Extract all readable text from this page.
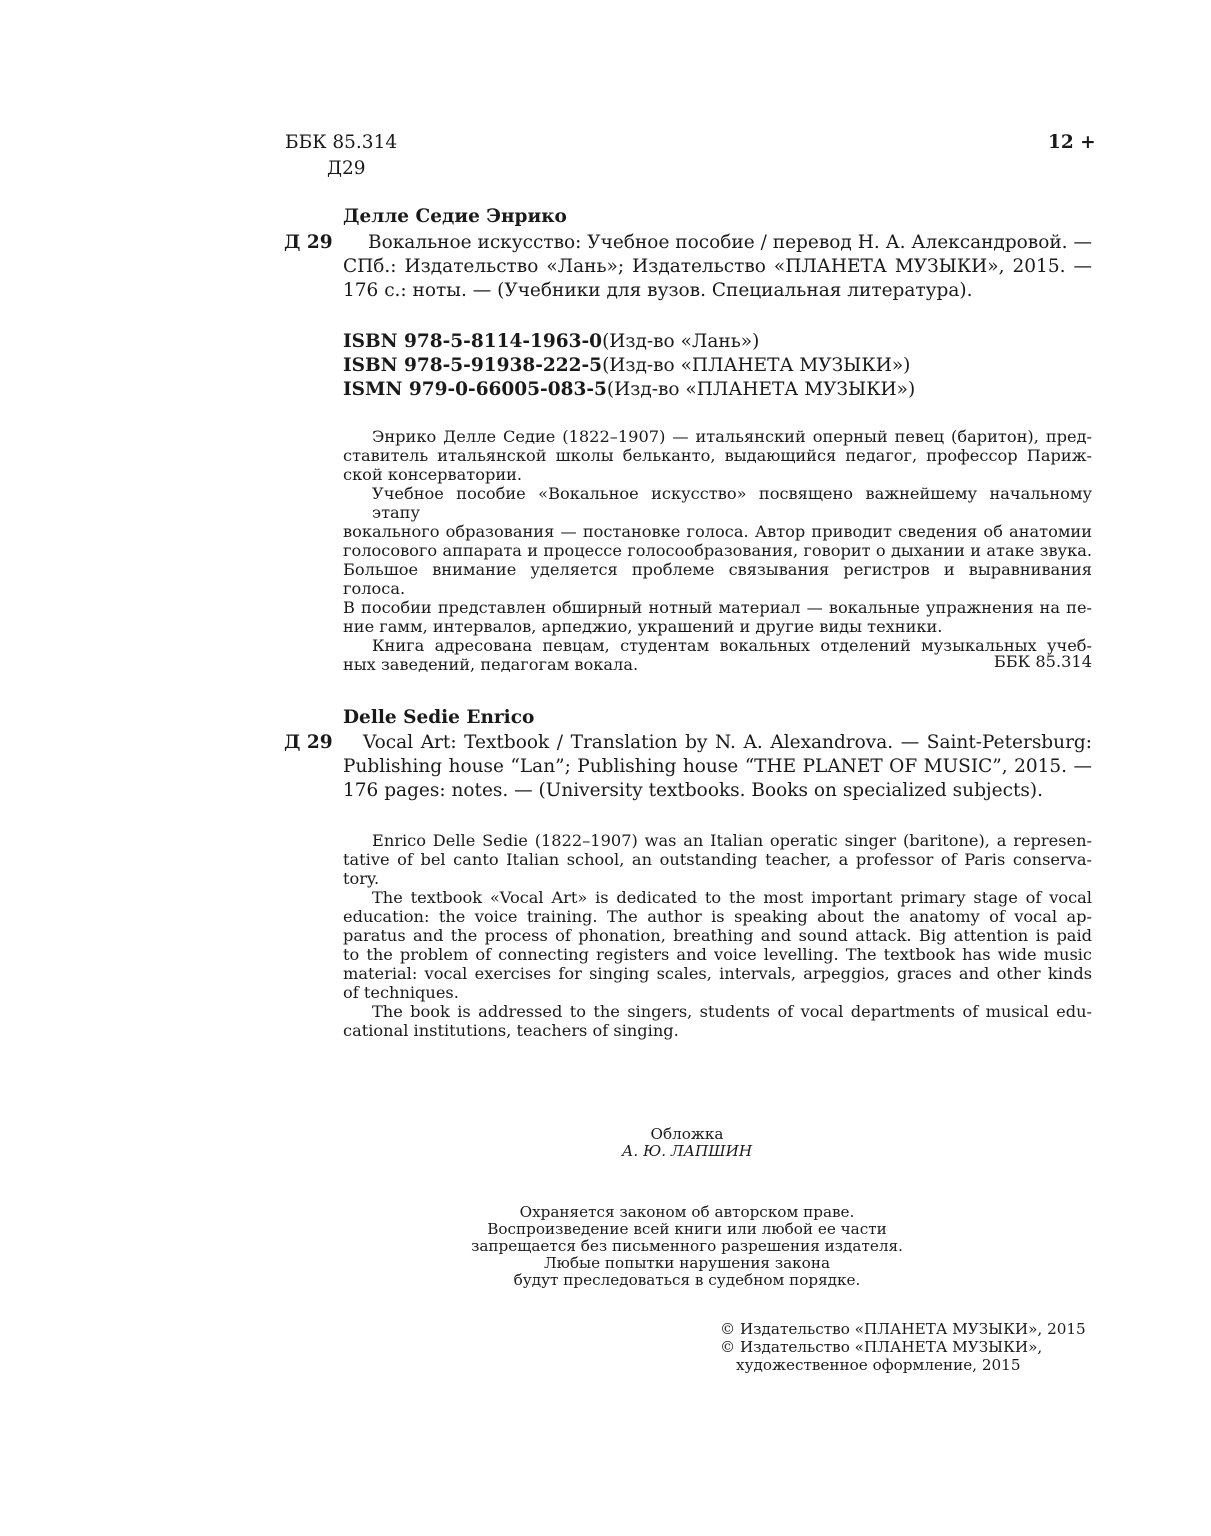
ББК 85.314
Д29
12 +
Делле Седие Энрико
Д 29	Вокальное искусство: Учебное пособие / перевод Н. А. Александровой. —
СПб.: Издательство «Лань»; Издательство «ПЛАНЕТА МУЗЫКИ», 2015. —
176 с.: ноты. — (Учебники для вузов. Специальная литература).
ISBN 978-5-8114-1963-0(Изд-во «Лань»)
ISBN 978-5-91938-222-5(Изд-во «ПЛАНЕТА МУЗЫКИ»)
ISMN 979-0-66005-083-5(Изд-во «ПЛАНЕТА МУЗЫКИ»)
Энрико Делле Седие (1822–1907) — итальянский оперный певец (баритон), пред-
ставитель итальянской школы бельканто, выдающийся педагог, профессор Париж-
ской консерватории.
Учебное пособие «Вокальное искусство» посвящено важнейшему начальному этапу
вокального образования — постановке голоса. Автор приводит сведения об анатомии
голосового аппарата и процессе голосообразования, говорит о дыхании и атаке звука.
Большое внимание уделяется проблеме связывания регистров и выравнивания голоса.
В пособии представлен обширный нотный материал — вокальные упражнения на пе-
ние гамм, интервалов, арпеджио, украшений и другие виды техники.
Книга адресована певцам, студентам вокальных отделений музыкальных учеб-
ных заведений, педагогам вокала.	ББК 85.314
Delle Sedie Enrico
Д 29	Vocal Art: Textbook / Translation by N. A. Alexandrova. — Saint-Petersburg:
Publishing house “Lan”; Publishing house “THE PLANET OF MUSIC”, 2015. —
176 pages: notes. — (University textbooks. Books on specialized subjects).
Enrico Delle Sedie (1822–1907) was an Italian operatic singer (baritone), a represen-
tative of bel canto Italian school, an outstanding teacher, a professor of Paris conserva-
tory.
The textbook «Vocal Art» is dedicated to the most important primary stage of vocal
education: the voice training. The author is speaking about the anatomy of vocal ap-
paratus and the process of phonation, breathing and sound attack. Big attention is paid
to the problem of connecting registers and voice levelling. The textbook has wide music
material: vocal exercises for singing scales, intervals, arpeggios, graces and other kinds
of techniques.
The book is addressed to the singers, students of vocal departments of musical edu-
cational institutions, teachers of singing.
Обложка
А. Ю. ЛАПШИН
Охраняется законом об авторском праве.
Воспроизведение всей книги или любой ее части
запрещается без письменного разрешения издателя.
Любые попытки нарушения закона
будут преследоваться в судебном порядке.
© Издательство «ПЛАНЕТА МУЗЫКИ», 2015
© Издательство «ПЛАНЕТА МУЗЫКИ»,
художественное оформление, 2015
